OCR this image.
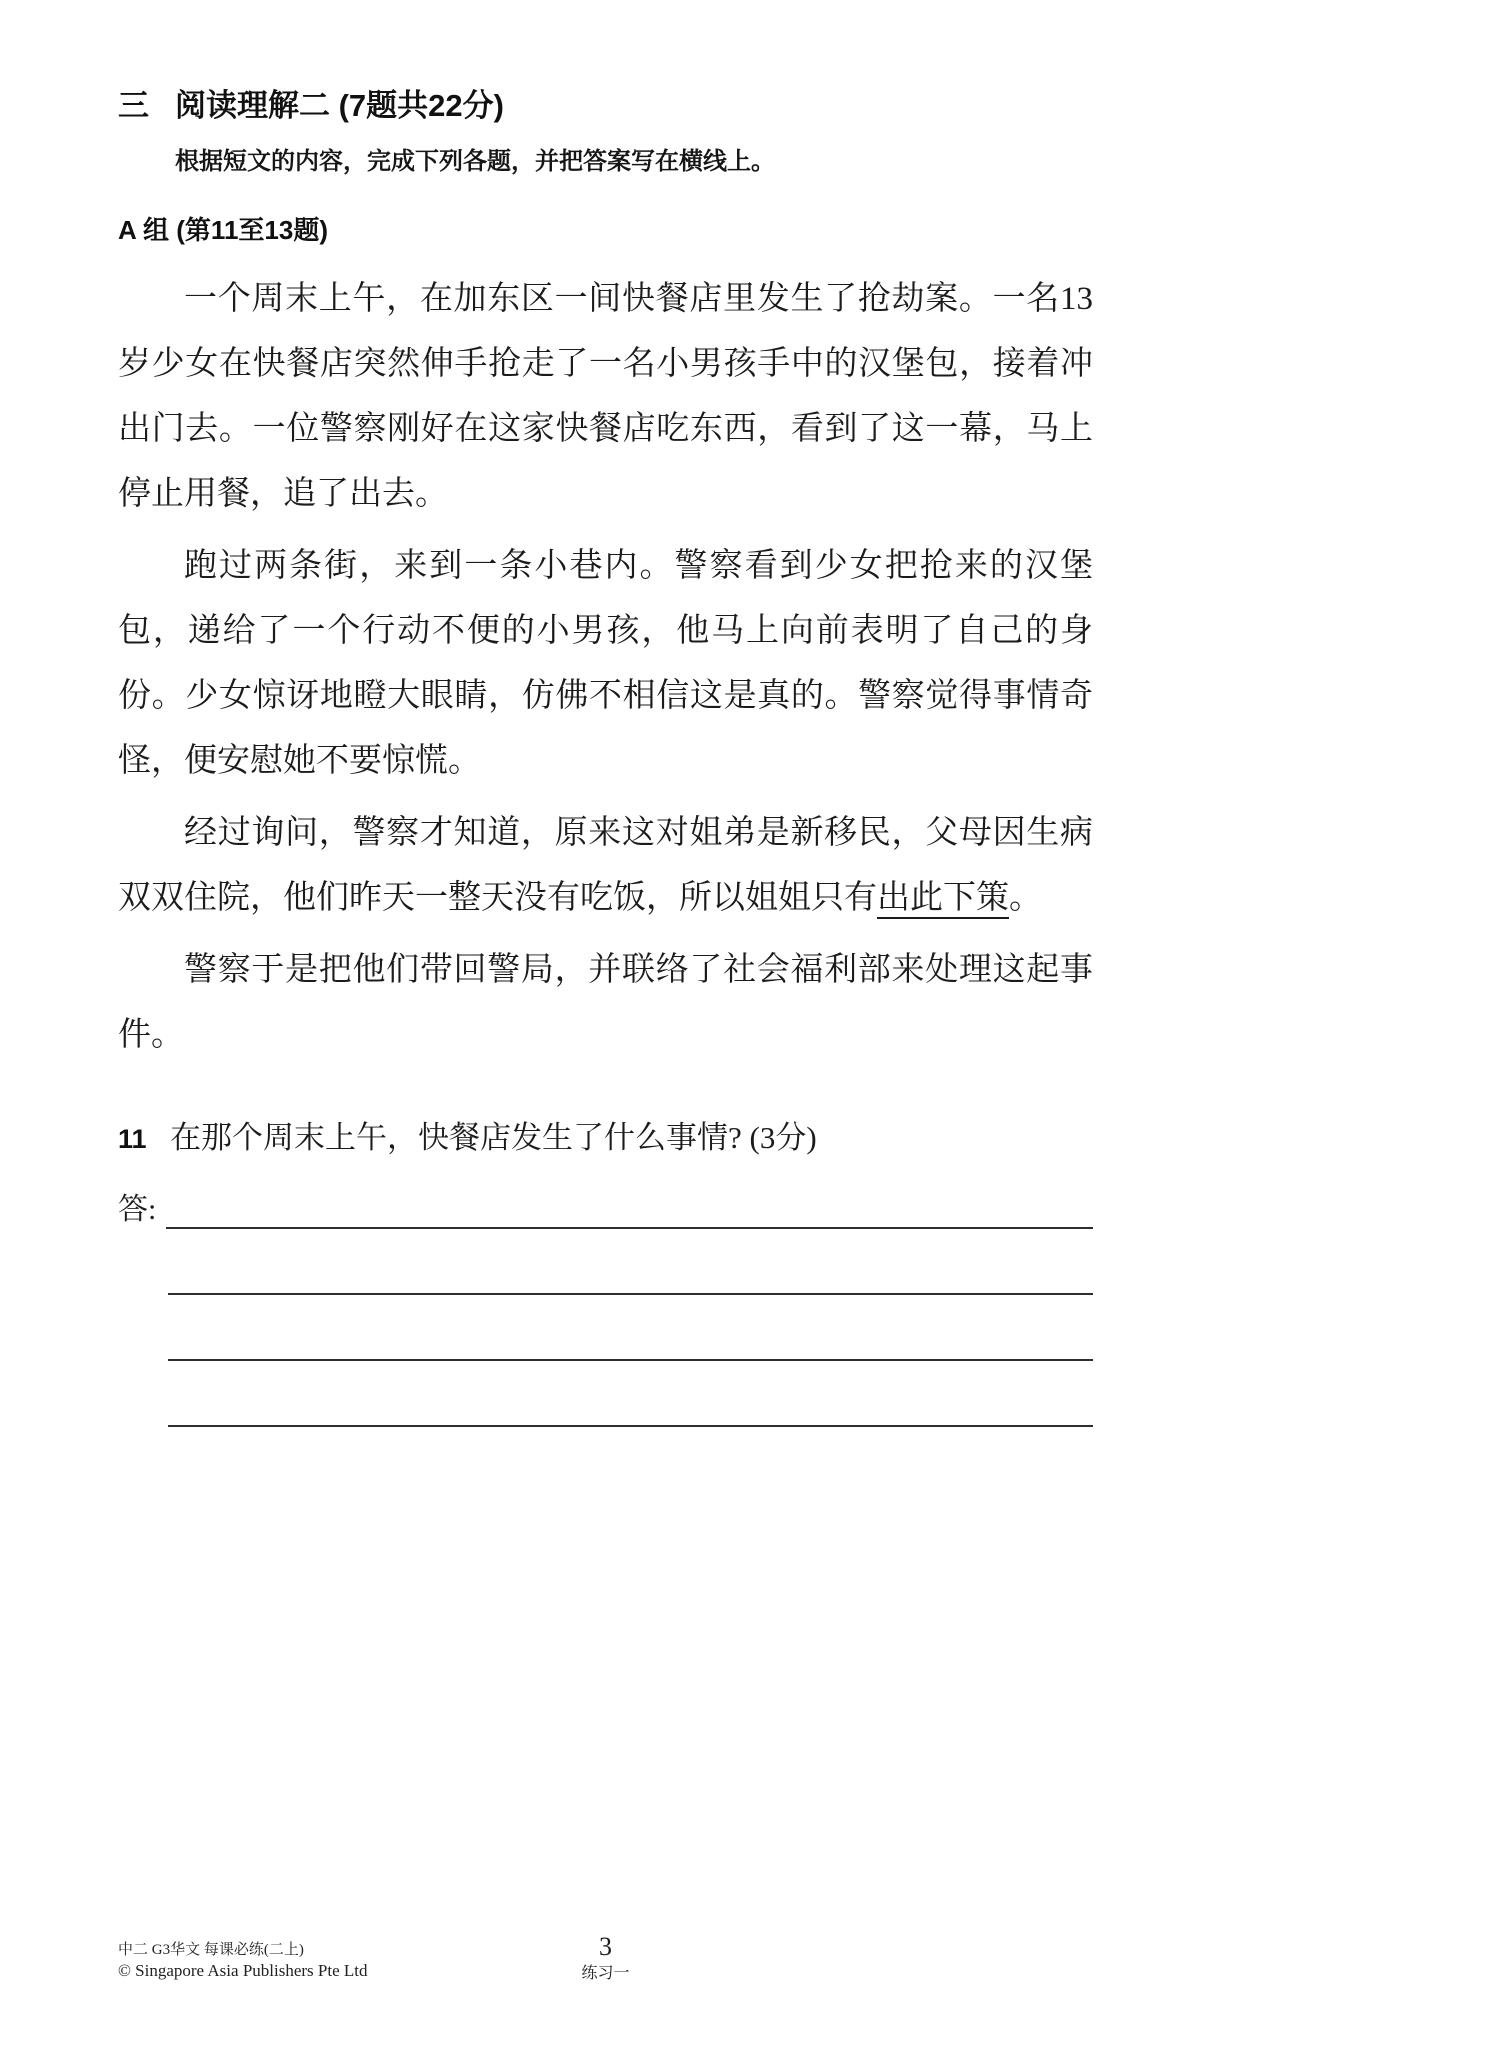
三 阅读理解二 (7题共22分)
根据短文的内容，完成下列各题，并把答案写在横线上。
A 组 (第11至13题)

一个周末上午，在加东区一间快餐店里发生了抢劫案。一名13岁少女在快餐店突然伸手抢走了一名小男孩手中的汉堡包，接着冲出门去。一位警察刚好在这家快餐店吃东西，看到了这一幕，马上停止用餐，追了出去。

跑过两条街，来到一条小巷内。警察看到少女把抢来的汉堡包，递给了一个行动不便的小男孩，他马上向前表明了自己的身份。少女惊讶地瞪大眼睛，仿佛不相信这是真的。警察觉得事情奇怪，便安慰她不要惊慌。

经过询问，警察才知道，原来这对姐弟是新移民，父母因生病双双住院，他们昨天一整天没有吃饭，所以姐姐只有出此下策。

警察于是把他们带回警局，并联络了社会福利部来处理这起事件。

11 在那个周末上午，快餐店发生了什么事情? (3分)
答:
中二 G3华文 每课必练(二上)
© Singapore Asia Publishers Pte Ltd
3
练习一
